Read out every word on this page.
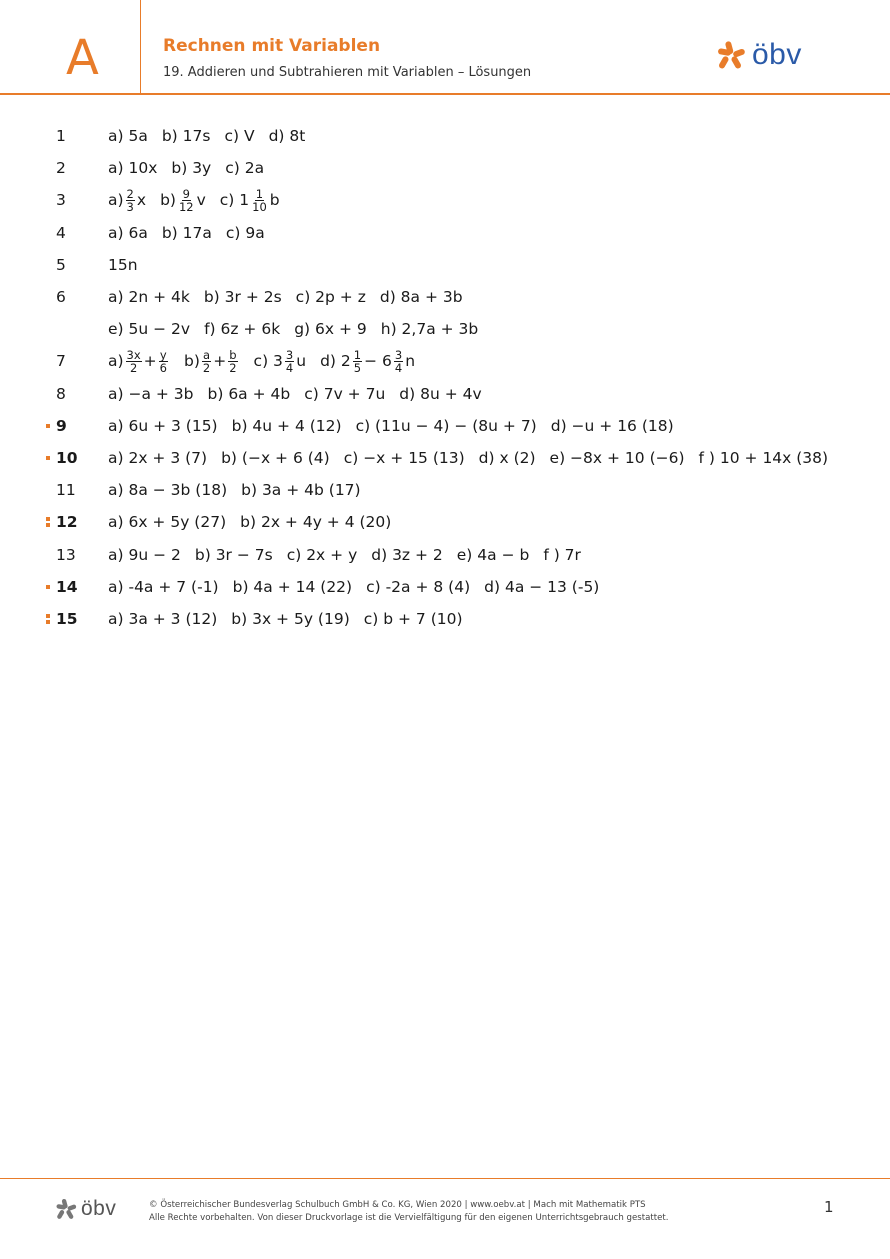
A	Rechnen mit Variablen
19. Addieren und Subtrahieren mit Variablen – Lösungen
öbv
1	a) 5a b) 17s c) V d) 8t
2	a) 10x b) 3y c) 2a
3	$a) \frac{2}{3}$ x $b) \frac{9}{12}$ v c) $1 \frac{1}{10}$ b
4	a) 6a b) 17a c) 9a
5	15n
6	a) 2n + 4k b) 3r + 2s c) 2p + z d) 8a + 3b
e) 5u − 2v f) 6z + 6k g) 6x + 9 h) 2,7a + 3b
7	$a) \frac{3x}{2} + \frac{y}{6} b) \frac{a}{2} + \frac{b}{2} c$) $3 \frac{3}{4}$ u d) $2 \frac{1}{5} - 6 \frac{3}{4}$ n
8	a) −a + 3b b) 6a + 4b c) 7v + 7u d) 8u + 4v
9	a) 6u + 3 (15) b) 4u + 4 (12) c) (11u − 4) − (8u + 7) d) −u + 16 (18)
10	a) 2x + 3 (7) b) (−x + 6 (4) c) −x + 15 (13) d) x (2) e) −8x + 10 (−6) f ) 10 + 14x (38)
11	a) 8a − 3b (18) b) 3a + 4b (17)
12	a) 6x + 5y (27) b) 2x + 4y + 4 (20)
13	a) 9u − 2 b) 3r − 7s c) 2x + y d) 3z + 2 e) 4a − b f ) 7r
14	a) -4a + 7 (-1) b) 4a + 14 (22) c) -2a + 8 (4) d) 4a − 13 (-5)
15	a) 3a + 3 (12) b) 3x + 5y (19) c) b + 7 (10)
öbv	© Österreichischer Bundesverlag Schulbuch GmbH & Co. KG, Wien 2020 | www.oebv.at | Mach mit Mathematik PTS
Alle Rechte vorbehalten. Von dieser Druckvorlage ist die Vervielfältigung für den eigenen Unterrichtsgebrauch gestattet.
1
